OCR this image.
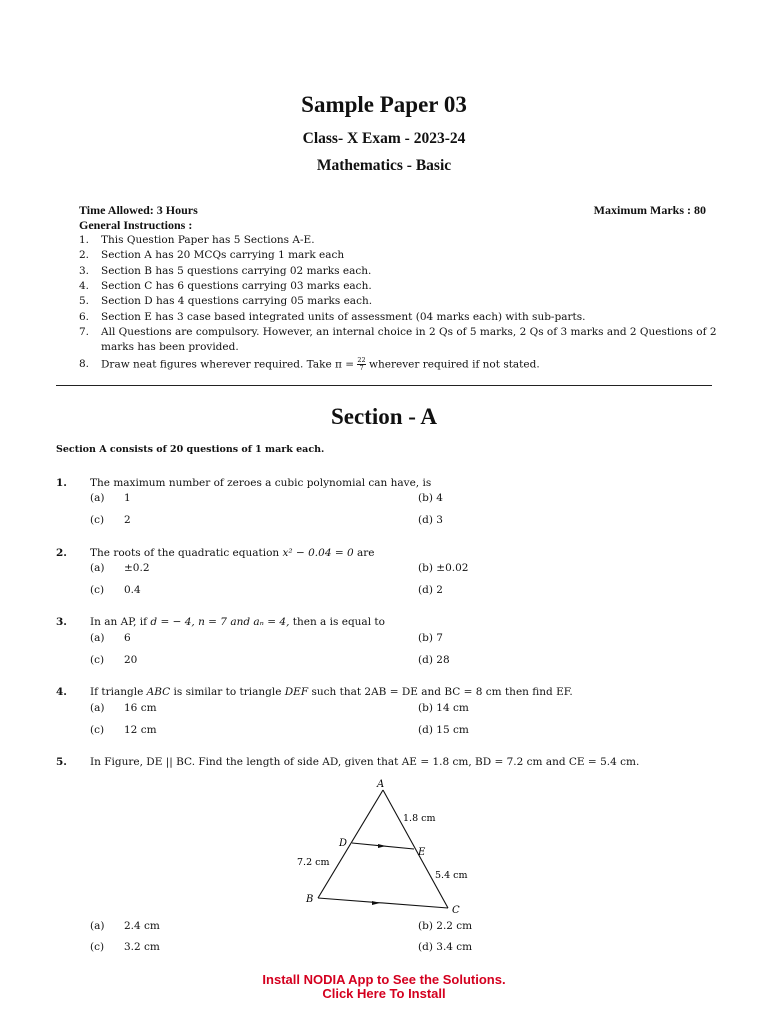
Sample Paper 03
Class- X Exam - 2023-24
Mathematics - Basic
Time Allowed: 3 Hours	Maximum Marks : 80
General Instructions :
1. This Question Paper has 5 Sections A-E.
2. Section A has 20 MCQs carrying 1 mark each
3. Section B has 5 questions carrying 02 marks each.
4. Section C has 6 questions carrying 03 marks each.
5. Section D has 4 questions carrying 05 marks each.
6. Section E has 3 case based integrated units of assessment (04 marks each) with sub-parts.
7. All Questions are compulsory. However, an internal choice in 2 Qs of 5 marks, 2 Qs of 3 marks and 2 Questions of 2 marks has been provided.
8. Draw neat figures wherever required. Take $\pi = \frac{22}{7}$ wherever required if not stated.
Section - A
Section A consists of 20 questions of 1 mark each.
1. The maximum number of zeroes a cubic polynomial can have, is
(a) 1	(b) 4
(c) 2	(d) 3
2. The roots of the quadratic equation x² − 0.04 = 0 are
(a) ±0.2	(b) ±0.02
(c) 0.4	(d) 2
3. In an AP, if d = − 4, n = 7 and aₙ = 4, then a is equal to
(a) 6	(b) 7
(c) 20	(d) 28
4. If triangle ABC is similar to triangle DEF such that 2AB = DE and BC = 8 cm then find EF.
(a) 16 cm	(b) 14 cm
(c) 12 cm	(d) 15 cm
5. In Figure, DE || BC. Find the length of side AD, given that AE = 1.8 cm, BD = 7.2 cm and CE = 5.4 cm.
A
B
C
D
E
1.8 cm
7.2 cm
5.4 cm
(a) 2.4 cm	(b) 2.2 cm
(c) 3.2 cm	(d) 3.4 cm
Install NODIA App to See the Solutions.
Click Here To Install
